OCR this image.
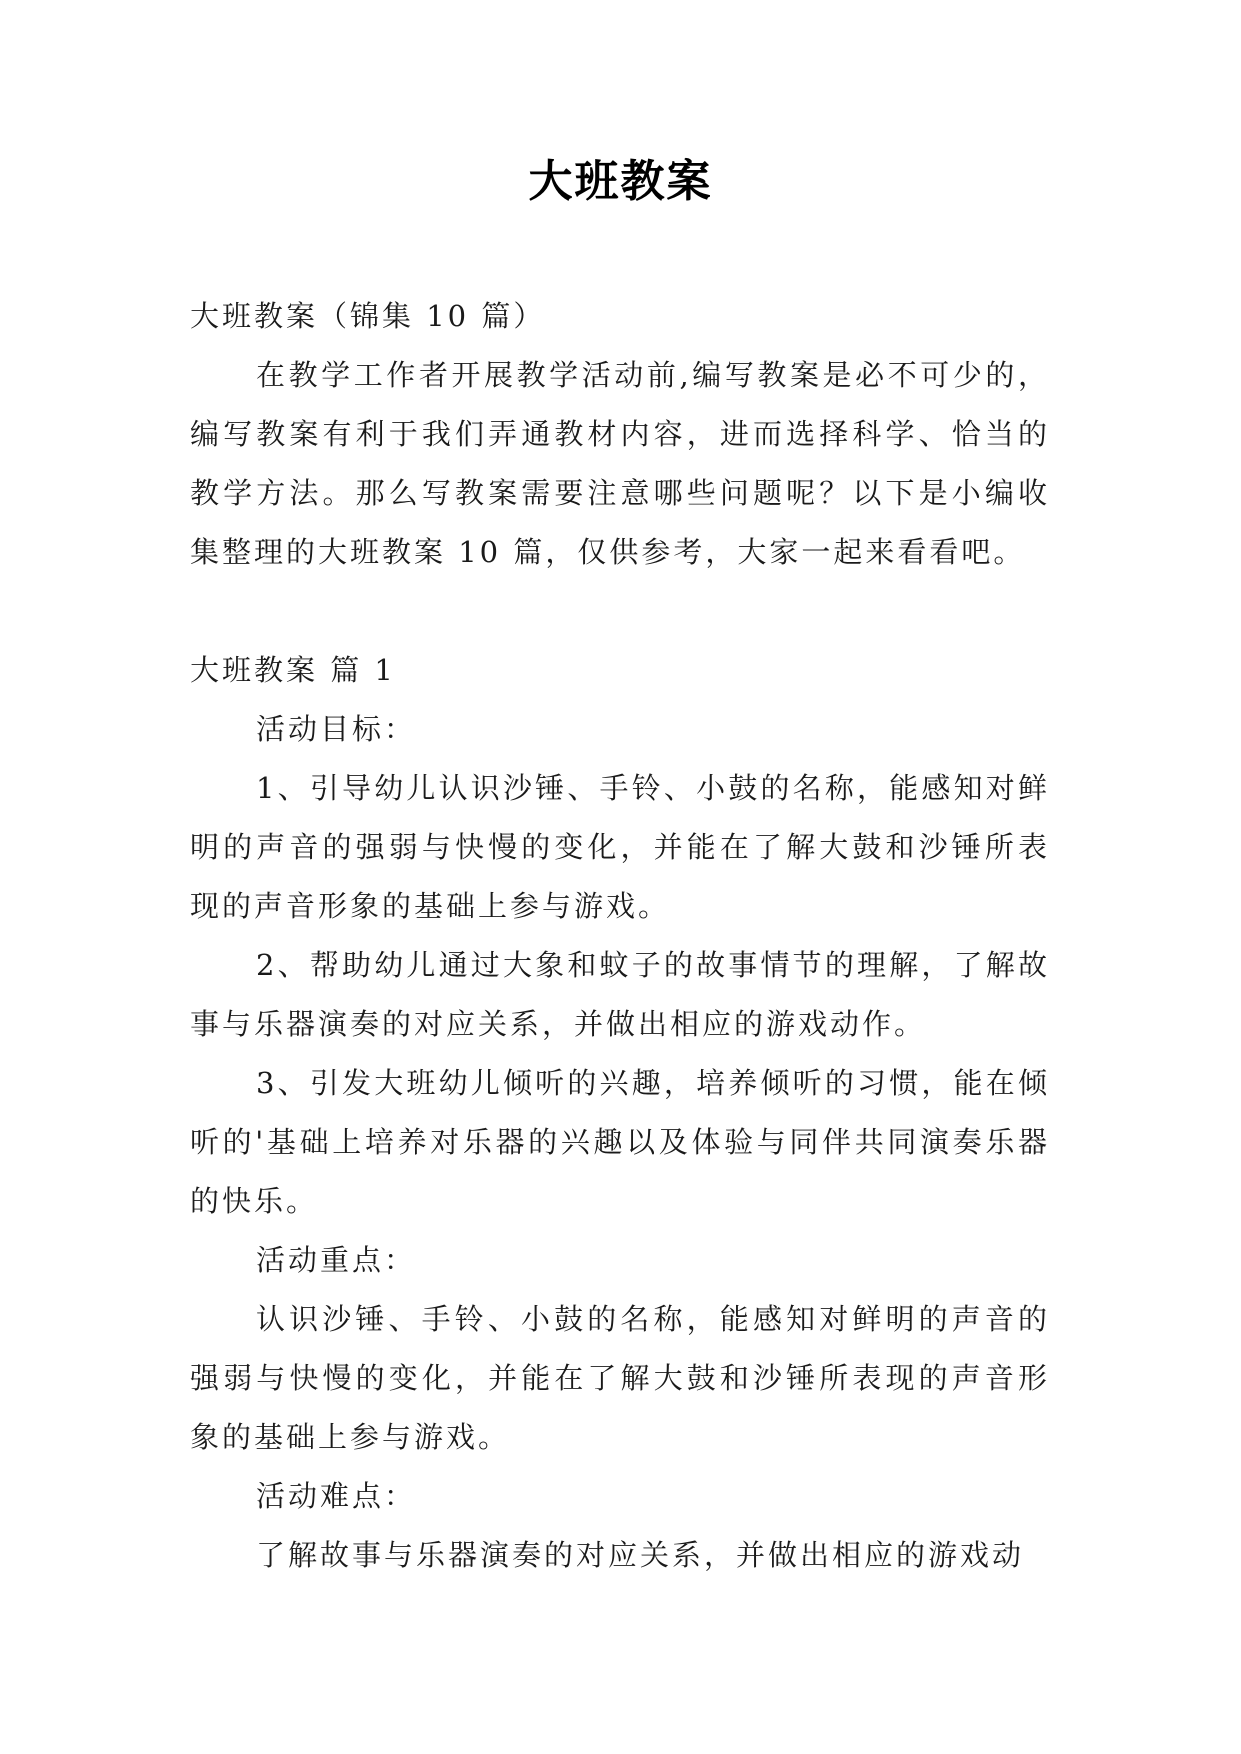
大班教案

大班教案（锦集 10 篇）

在教学工作者开展教学活动前,编写教案是必不可少的，编写教案有利于我们弄通教材内容，进而选择科学、恰当的教学方法。那么写教案需要注意哪些问题呢？以下是小编收集整理的大班教案 10 篇，仅供参考，大家一起来看看吧。

大班教案 篇 1

活动目标：

1、引导幼儿认识沙锤、手铃、小鼓的名称，能感知对鲜明的声音的强弱与快慢的变化，并能在了解大鼓和沙锤所表现的声音形象的基础上参与游戏。

2、帮助幼儿通过大象和蚊子的故事情节的理解，了解故事与乐器演奏的对应关系，并做出相应的游戏动作。

3、引发大班幼儿倾听的兴趣，培养倾听的习惯，能在倾听的'基础上培养对乐器的兴趣以及体验与同伴共同演奏乐器的快乐。

活动重点：

认识沙锤、手铃、小鼓的名称，能感知对鲜明的声音的强弱与快慢的变化，并能在了解大鼓和沙锤所表现的声音形象的基础上参与游戏。

活动难点：

了解故事与乐器演奏的对应关系，并做出相应的游戏动
